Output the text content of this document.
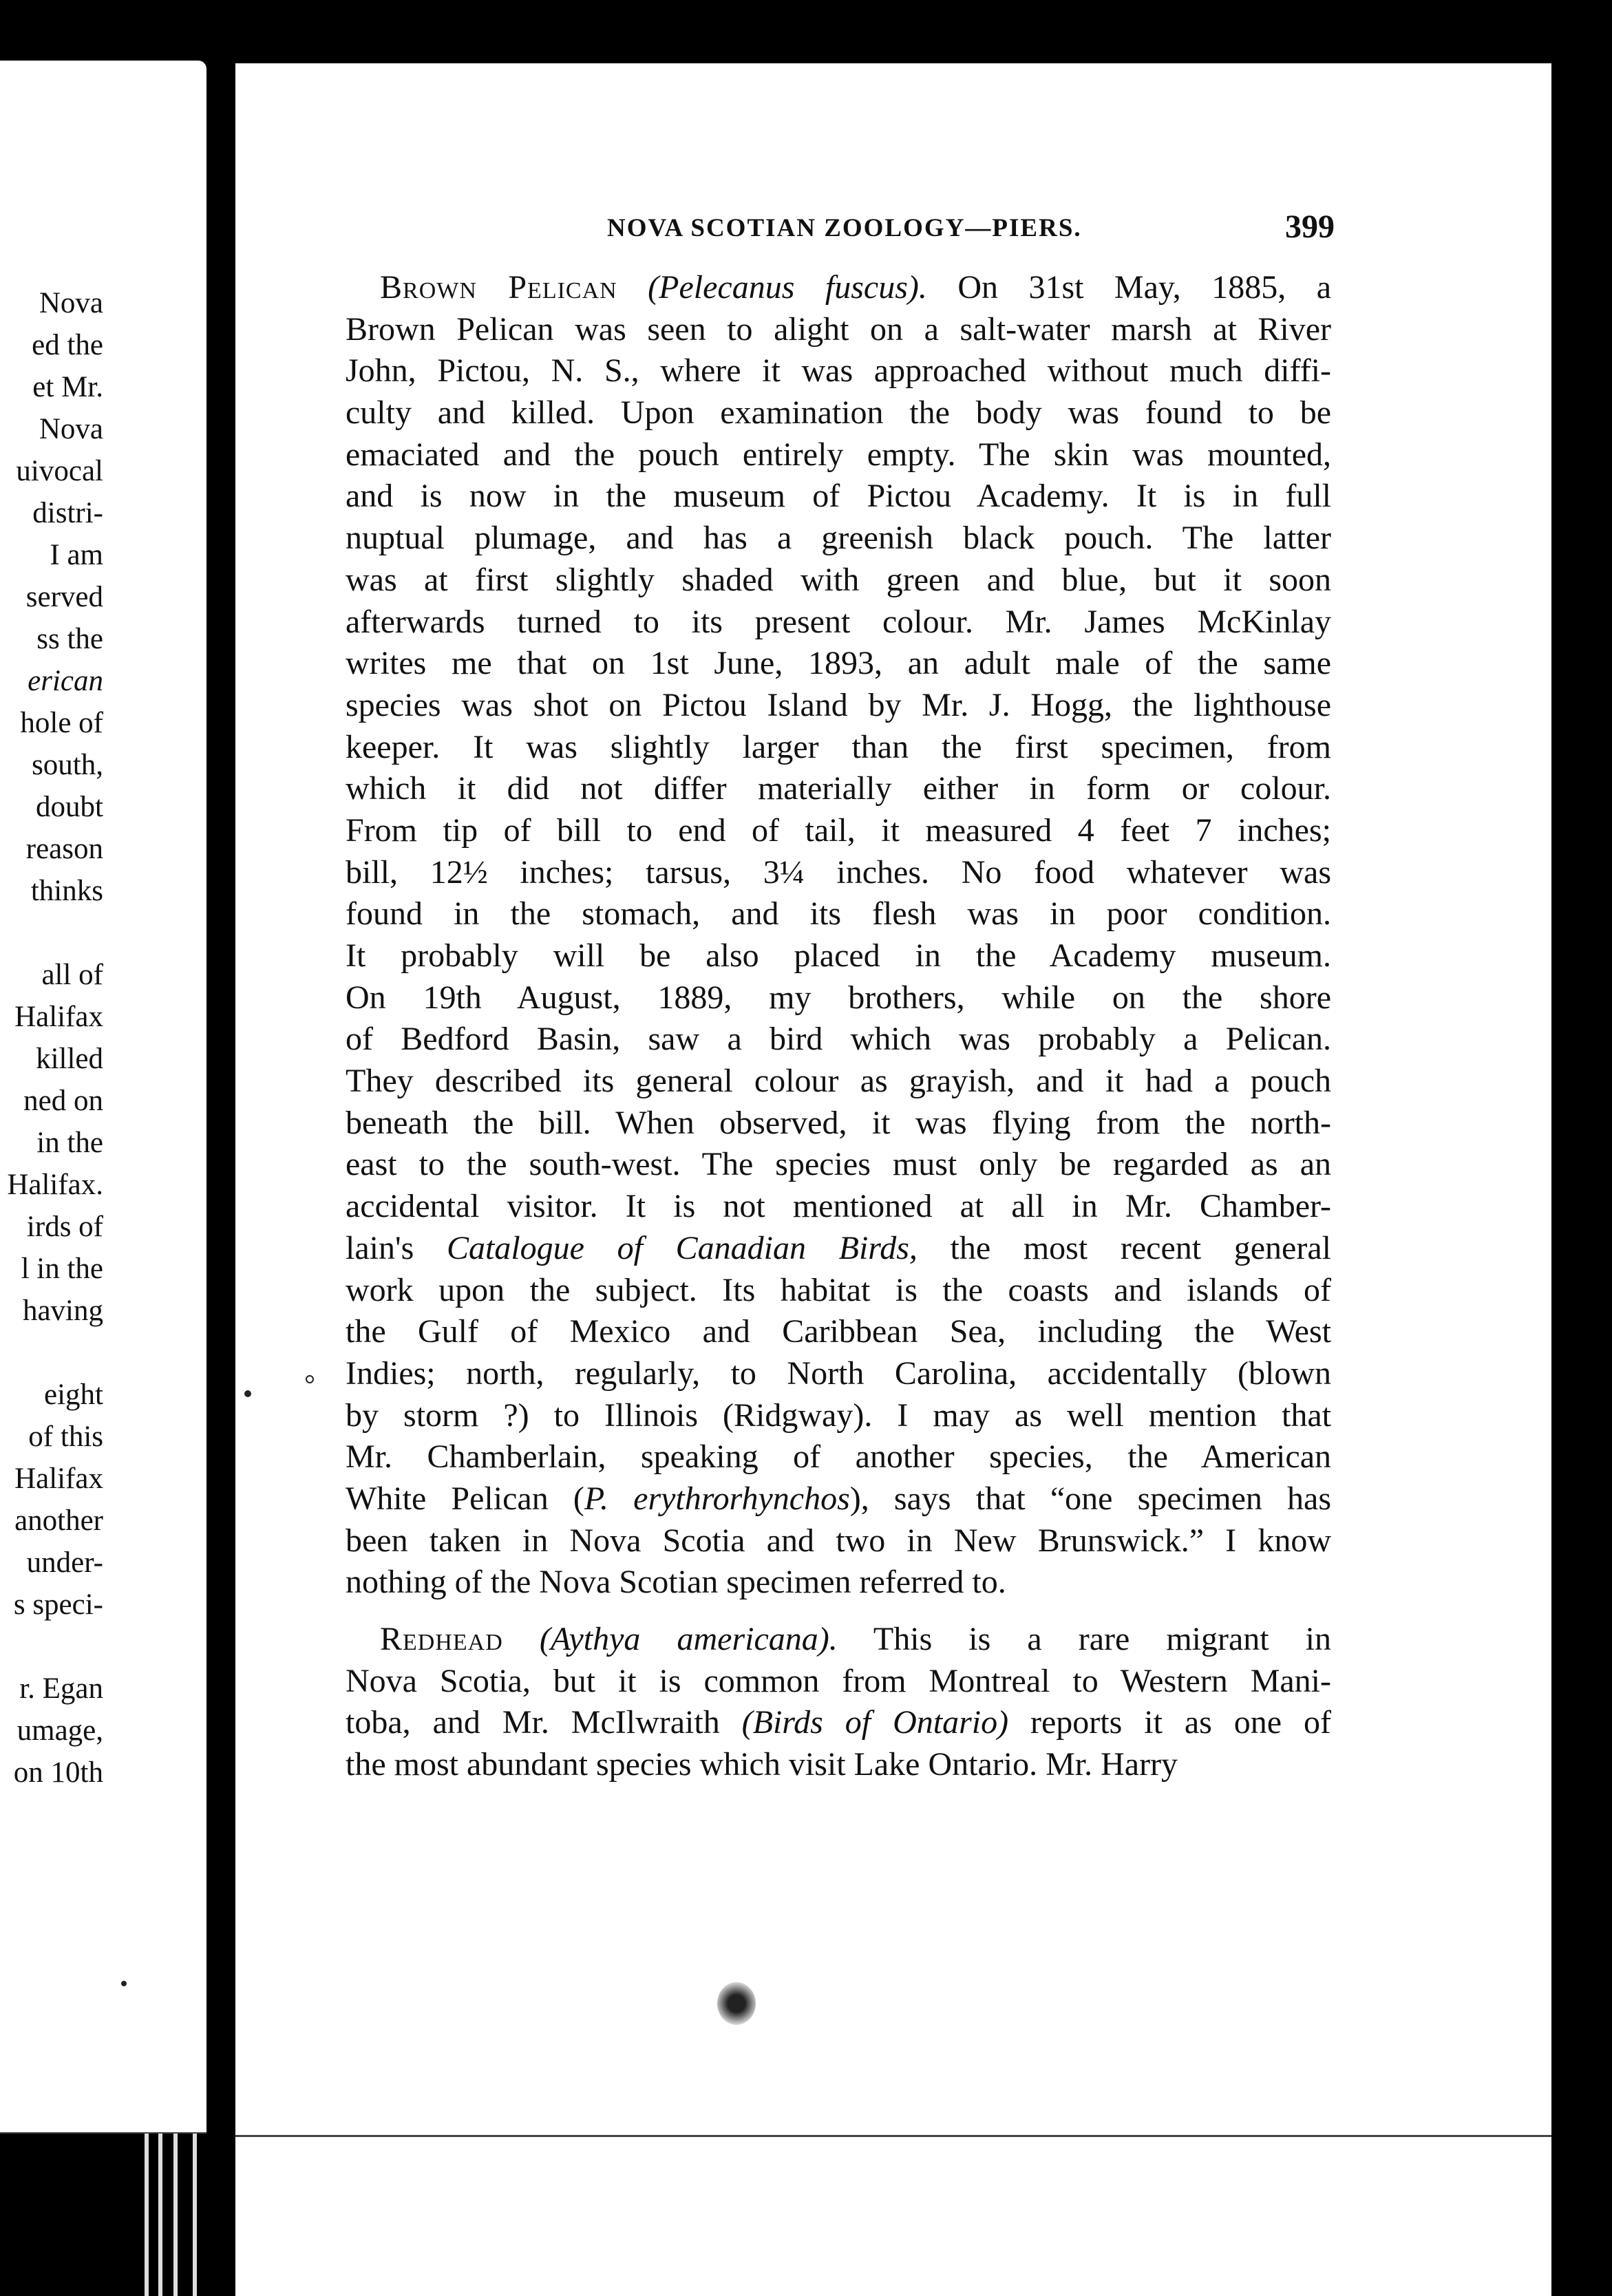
Nova
ed the
et Mr.
Nova
uivocal
distri-
I am
served
ss the
erican
hole of
south,
doubt
reason
thinks
all of
Halifax
killed
ned on
in the
Halifax.
irds of
l in the
having
eight
of this
Halifax
another
under-
s speci-
r. Egan
umage,
on 10th
NOVA SCOTIAN ZOOLOGY—PIERS.	399
Brown Pelican (Pelecanus fuscus). On 31st May, 1885, a
Brown Pelican was seen to alight on a salt-water marsh at River
John, Pictou, N. S., where it was approached without much diffi-
culty and killed. Upon examination the body was found to be
emaciated and the pouch entirely empty. The skin was mounted,
and is now in the museum of Pictou Academy. It is in full
nuptual plumage, and has a greenish black pouch. The latter
was at first slightly shaded with green and blue, but it soon
afterwards turned to its present colour. Mr. James McKinlay
writes me that on 1st June, 1893, an adult male of the same
species was shot on Pictou Island by Mr. J. Hogg, the lighthouse
keeper. It was slightly larger than the first specimen, from
which it did not differ materially either in form or colour.
From tip of bill to end of tail, it measured 4 feet 7 inches;
bill, 12½ inches; tarsus, 3¼ inches. No food whatever was
found in the stomach, and its flesh was in poor condition.
It probably will be also placed in the Academy museum.
On 19th August, 1889, my brothers, while on the shore
of Bedford Basin, saw a bird which was probably a Pelican.
They described its general colour as grayish, and it had a pouch
beneath the bill. When observed, it was flying from the north-
east to the south-west. The species must only be regarded as an
accidental visitor. It is not mentioned at all in Mr. Chamber-
lain's Catalogue of Canadian Birds, the most recent general
work upon the subject. Its habitat is the coasts and islands of
the Gulf of Mexico and Caribbean Sea, including the West
Indies; north, regularly, to North Carolina, accidentally (blown
by storm ?) to Illinois (Ridgway). I may as well mention that
Mr. Chamberlain, speaking of another species, the American
White Pelican (P. erythrorhynchos), says that “one specimen has
been taken in Nova Scotia and two in New Brunswick.” I know
nothing of the Nova Scotian specimen referred to.
Redhead (Aythya americana). This is a rare migrant in
Nova Scotia, but it is common from Montreal to Western Mani-
toba, and Mr. McIlwraith (Birds of Ontario) reports it as one of
the most abundant species which visit Lake Ontario. Mr. Harry
